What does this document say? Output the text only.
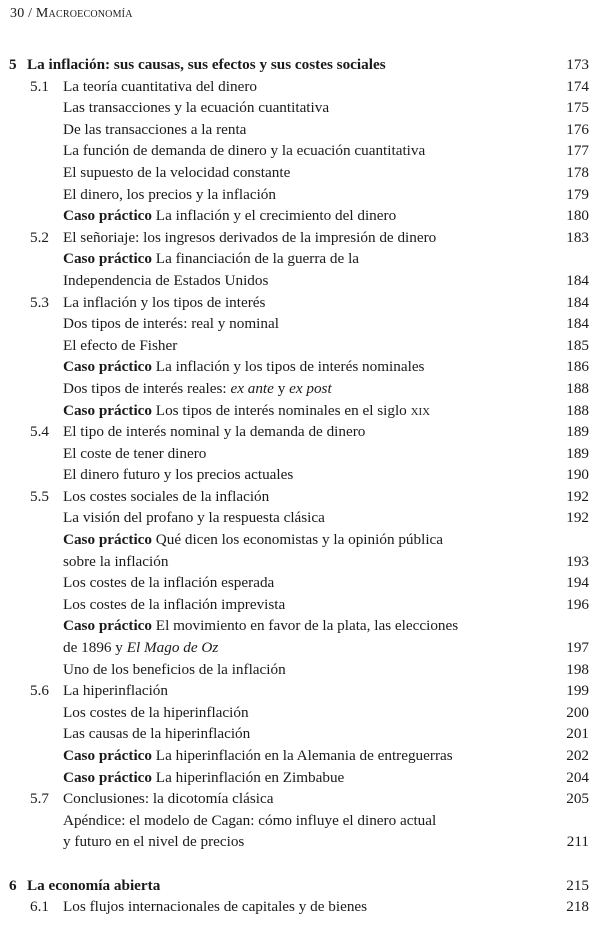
30 / Macroeconomía
5 La inflación: sus causas, sus efectos y sus costes sociales	173
5.1 La teoría cuantitativa del dinero	174
Las transacciones y la ecuación cuantitativa	175
De las transacciones a la renta	176
La función de demanda de dinero y la ecuación cuantitativa	177
El supuesto de la velocidad constante	178
El dinero, los precios y la inflación	179
Caso práctico La inflación y el crecimiento del dinero	180
5.2 El señoriaje: los ingresos derivados de la impresión de dinero	183
Caso práctico La financiación de la guerra de la
Independencia de Estados Unidos	184
5.3 La inflación y los tipos de interés	184
Dos tipos de interés: real y nominal	184
El efecto de Fisher	185
Caso práctico La inflación y los tipos de interés nominales	186
Dos tipos de interés reales: ex ante y ex post	188
Caso práctico Los tipos de interés nominales en el siglo xix	188
5.4 El tipo de interés nominal y la demanda de dinero	189
El coste de tener dinero	189
El dinero futuro y los precios actuales	190
5.5 Los costes sociales de la inflación	192
La visión del profano y la respuesta clásica	192
Caso práctico Qué dicen los economistas y la opinión pública
sobre la inflación	193
Los costes de la inflación esperada	194
Los costes de la inflación imprevista	196
Caso práctico El movimiento en favor de la plata, las elecciones
de 1896 y El Mago de Oz	197
Uno de los beneficios de la inflación	198
5.6 La hiperinflación	199
Los costes de la hiperinflación	200
Las causas de la hiperinflación	201
Caso práctico La hiperinflación en la Alemania de entreguerras	202
Caso práctico La hiperinflación en Zimbabue	204
5.7 Conclusiones: la dicotomía clásica	205
Apéndice: el modelo de Cagan: cómo influye el dinero actual
y futuro en el nivel de precios	211
6 La economía abierta	215
6.1 Los flujos internacionales de capitales y de bienes	218
